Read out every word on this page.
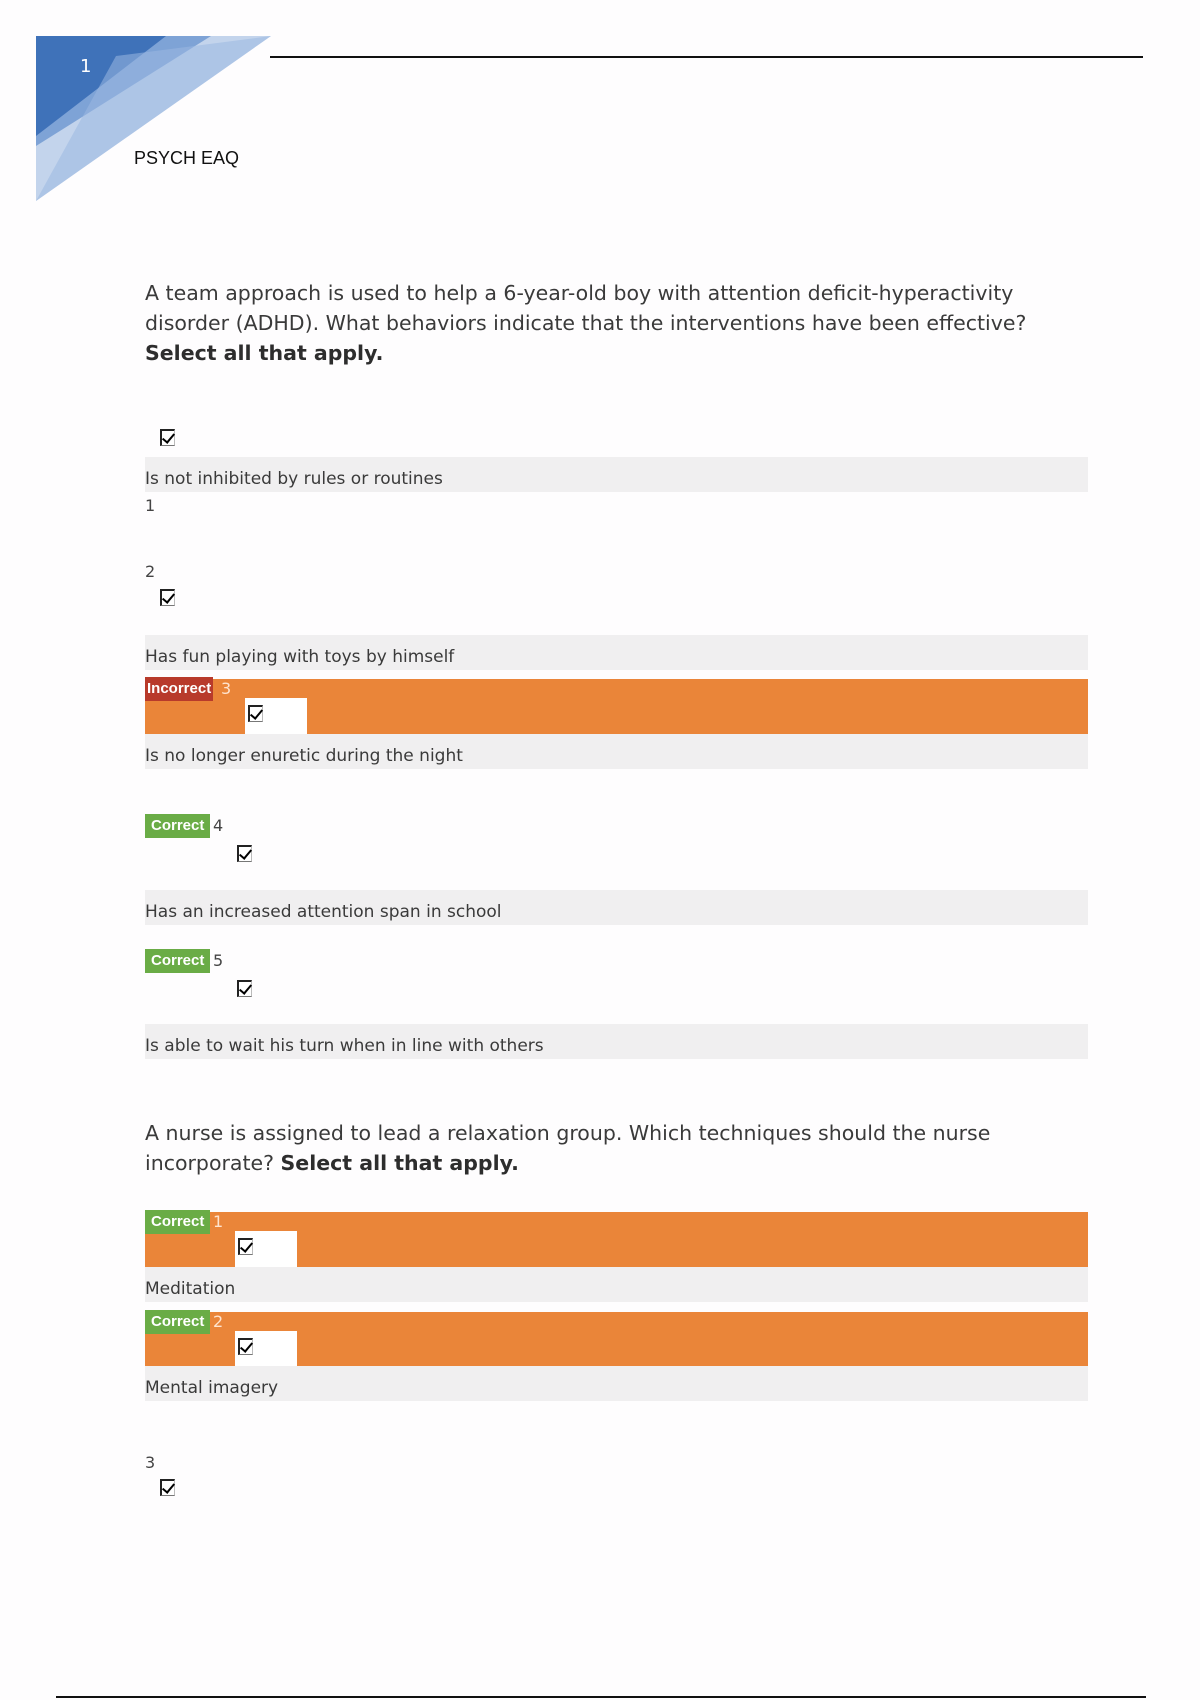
1
PSYCH EAQ
A team approach is used to help a 6-year-old boy with attention deficit-hyperactivity disorder (ADHD). What behaviors indicate that the interventions have been effective? Select all that apply.
Is not inhibited by rules or routines
1
2
Has fun playing with toys by himself
Incorrect 3
Is no longer enuretic during the night
Correct 4
Has an increased attention span in school
Correct 5
Is able to wait his turn when in line with others
A nurse is assigned to lead a relaxation group. Which techniques should the nurse incorporate? Select all that apply.
Correct 1
Meditation
Correct 2
Mental imagery
3
